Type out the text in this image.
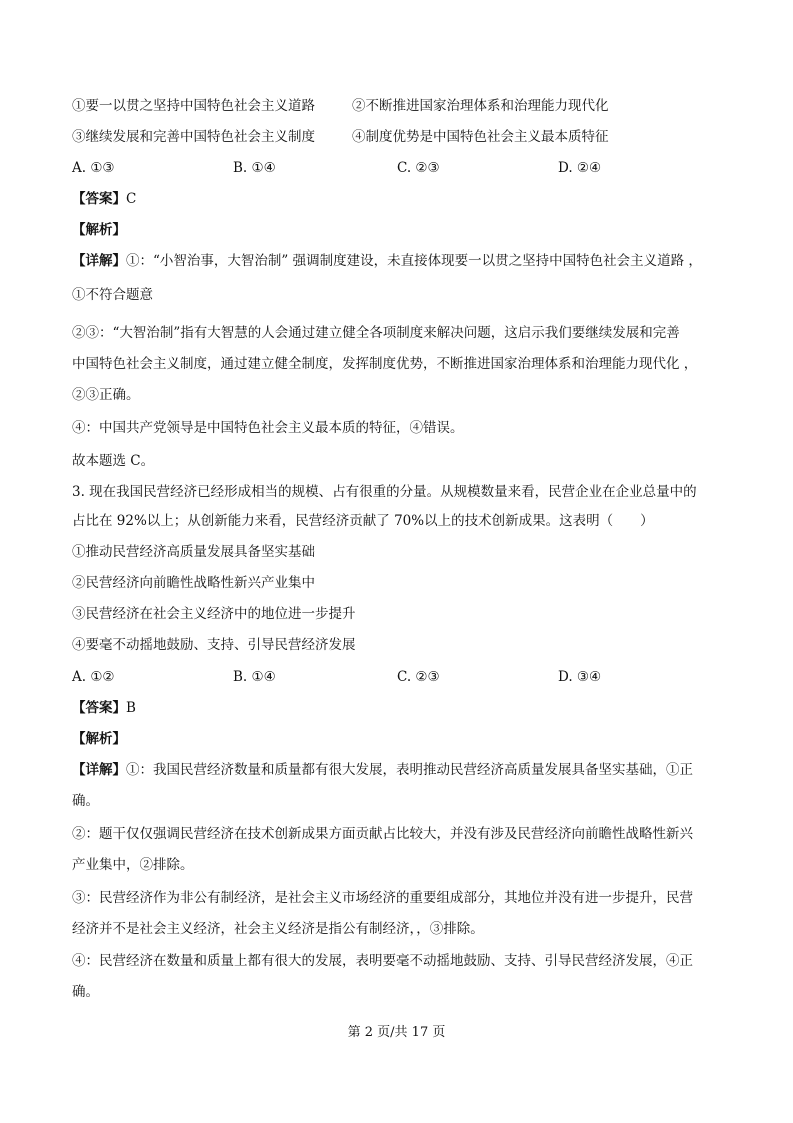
①要一以贯之坚持中国特色社会主义道路	②不断推进国家治理体系和治理能力现代化
③继续发展和完善中国特色社会主义制度	④制度优势是中国特色社会主义最本质特征
A. ①③	B. ①④	C. ②③	D. ②④
【答案】C
【解析】
【详解】①：“小智治事，大智治制” 强调制度建设，未直接体现要一以贯之坚持中国特色社会主义道路 ，
①不符合题意
②③：“大智治制”指有大智慧的人会通过建立健全各项制度来解决问题，这启示我们要继续发展和完善
中国特色社会主义制度，通过建立健全制度，发挥制度优势，不断推进国家治理体系和治理能力现代化 ，
②③正确。
④：中国共产党领导是中国特色社会主义最本质的特征，④错误。
故本题选 C。
3. 现在我国民营经济已经形成相当的规模、占有很重的分量。从规模数量来看，民营企业在企业总量中的
占比在 92%以上；从创新能力来看，民营经济贡献了 70%以上的技术创新成果。这表明（　　）
①推动民营经济高质量发展具备坚实基础
②民营经济向前瞻性战略性新兴产业集中
③民营经济在社会主义经济中的地位进一步提升
④要毫不动摇地鼓励、支持、引导民营经济发展
A. ①②	B. ①④	C. ②③	D. ③④
【答案】B
【解析】
【详解】①：我国民营经济数量和质量都有很大发展，表明推动民营经济高质量发展具备坚实基础，①正
确。
②：题干仅仅强调民营经济在技术创新成果方面贡献占比较大，并没有涉及民营经济向前瞻性战略性新兴
产业集中，②排除。
③：民营经济作为非公有制经济，是社会主义市场经济的重要组成部分，其地位并没有进一步提升，民营
经济并不是社会主义经济，社会主义经济是指公有制经济，，③排除。
④：民营经济在数量和质量上都有很大的发展，表明要毫不动摇地鼓励、支持、引导民营经济发展，④正
确。
第 2 页/共 17 页
